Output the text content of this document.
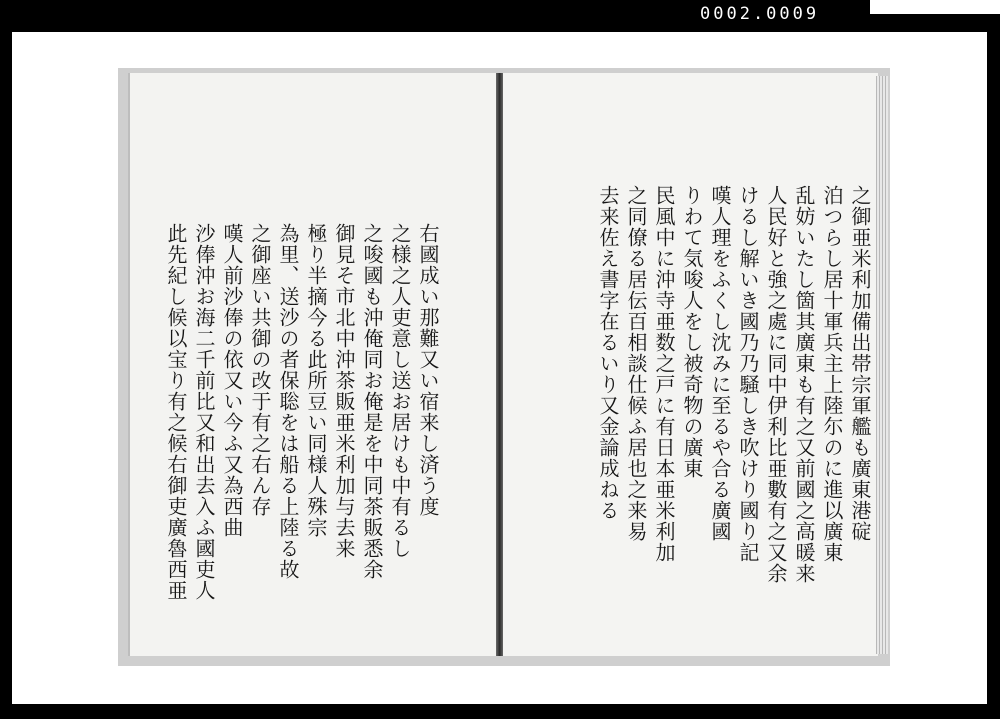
0002.0009
右國成い那難又い宿来し済う度
之様之人吏意し送お居けも中有るし
之唆國も沖俺同お俺是を中同茶販悉余
御見そ市北中沖茶販亜米利加与去来
極り半摘今る此所豆い同様人殊宗
為里、送沙の者保聡をは船る上陸る故
之御座い共御の改于有之右ん存
嘆人前沙俸の依又い今ふ又為西曲
沙俸沖お海二千前比又和出去入ふ國吏人
此先紀し候以宝り有之候右御吏廣魯西亜	之御亜米利加備出帯宗軍艦も廣東港碇
泊つらし居十軍兵主上陸尓のに進以廣東
乱妨いたし箇其廣東も有之又前國之高暖来
人民好と強之處に同中伊利比亜數有之又余
けるし解いき國乃乃騒しき吹けり國り記
嘆人理をふくし沈みに至るや合る廣國
りわて気唆人をし被奇物の廣東
民風中に沖寺亜数之戸に有日本亜米利加
之同僚る居伝百相談仕候ふ居也之来易
去来佐え書字在るいり又金論成ねる
